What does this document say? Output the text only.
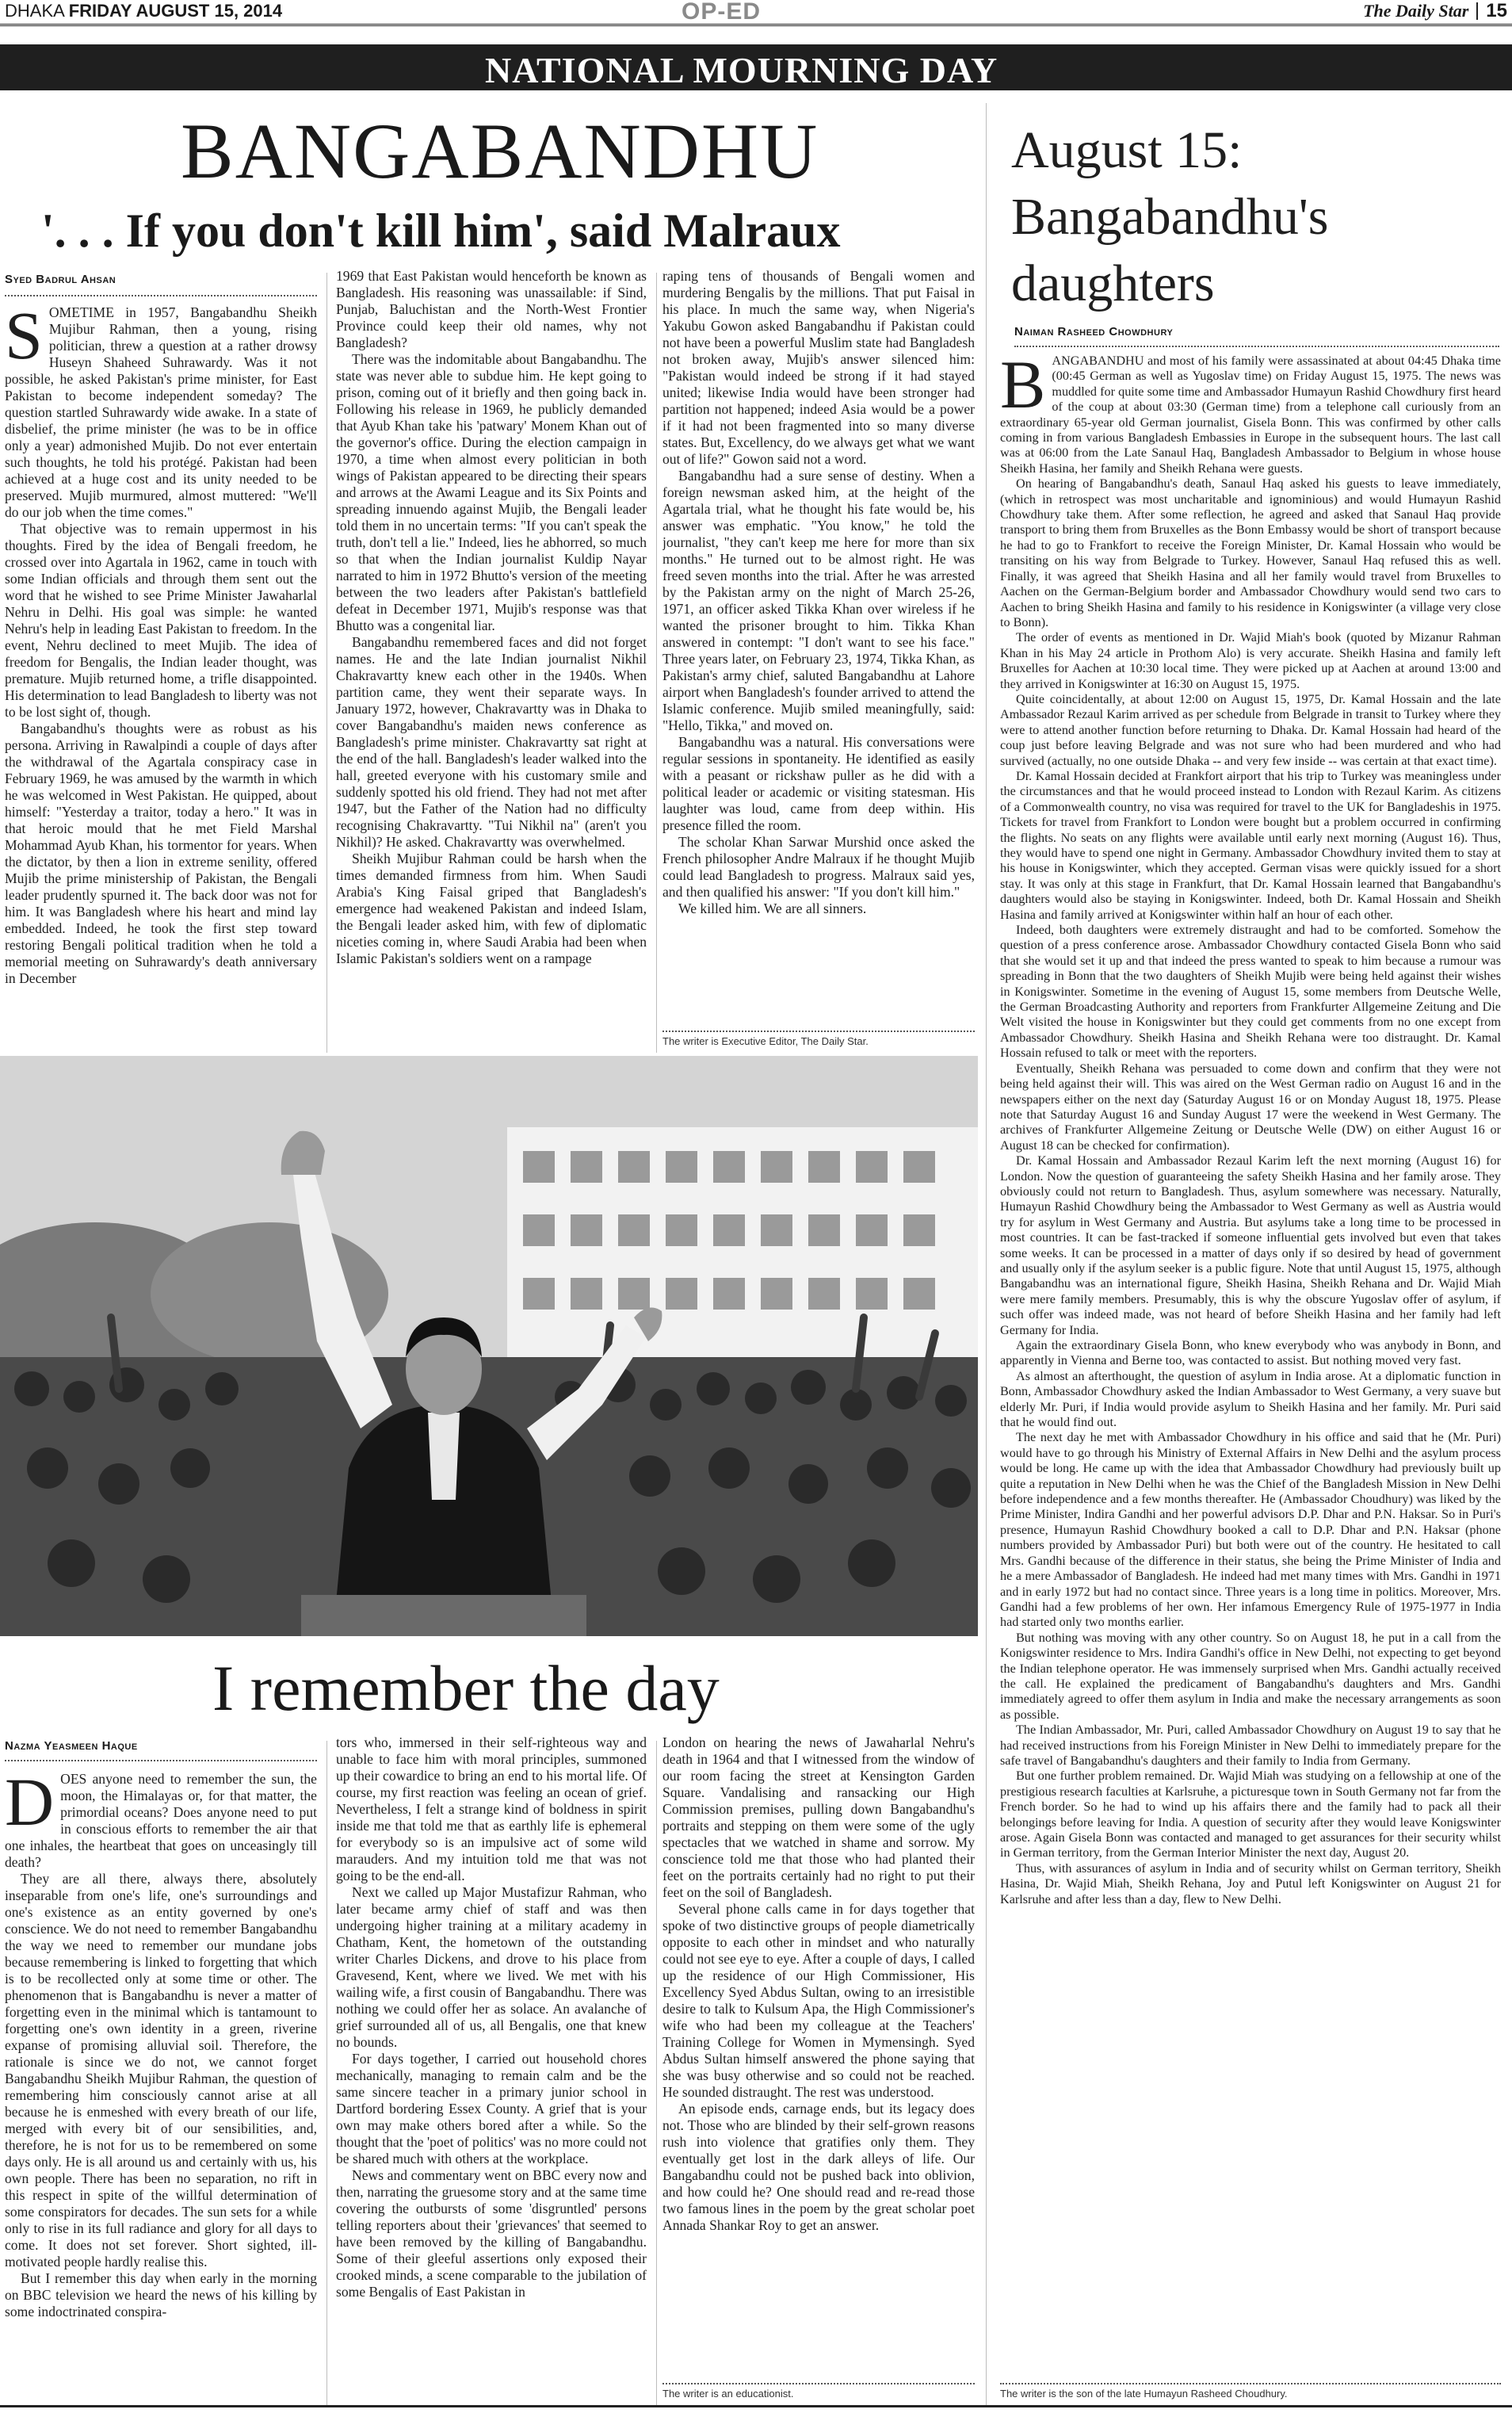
DHAKA FRIDAY AUGUST 15, 2014	OP-ED	The Daily Star 15
NATIONAL MOURNING DAY
BANGABANDHU
'. . . If you don't kill him', said Malraux
Syed Badrul Ahsan

SOMETIME in 1957, Bangabandhu Sheikh Mujibur Rahman, then a young, rising politician, threw a question at a rather drowsy Huseyn Shaheed Suhrawardy. Was it not possible, he asked Pakistan's prime minister, for East Pakistan to become independent someday? The question startled Suhrawardy wide awake. In a state of disbelief, the prime minister (he was to be in office only a year) admonished Mujib. Do not ever entertain such thoughts, he told his protégé. Pakistan had been achieved at a huge cost and its unity needed to be preserved. Mujib murmured, almost muttered: "We'll do our job when the time comes."

That objective was to remain uppermost in his thoughts. Fired by the idea of Bengali freedom, he crossed over into Agartala in 1962, came in touch with some Indian officials and through them sent out the word that he wished to see Prime Minister Jawaharlal Nehru in Delhi. His goal was simple: he wanted Nehru's help in leading East Pakistan to freedom. In the event, Nehru declined to meet Mujib. The idea of freedom for Bengalis, the Indian leader thought, was premature. Mujib returned home, a trifle disappointed. His determination to lead Bangladesh to liberty was not to be lost sight of, though.

Bangabandhu's thoughts were as robust as his persona. Arriving in Rawalpindi a couple of days after the withdrawal of the Agartala conspiracy case in February 1969, he was amused by the warmth in which he was welcomed in West Pakistan. He quipped, about himself: "Yesterday a traitor, today a hero." It was in that heroic mould that he met Field Marshal Mohammad Ayub Khan, his tormentor for years. When the dictator, by then a lion in extreme senility, offered Mujib the prime ministership of Pakistan, the Bengali leader prudently spurned it. The back door was not for him. It was Bangladesh where his heart and mind lay embedded. Indeed, he took the first step toward restoring Bengali political tradition when he told a memorial meeting on Suhrawardy's death anniversary in December

1969 that East Pakistan would henceforth be known as Bangladesh. His reasoning was unassailable: if Sind, Punjab, Baluchistan and the North-West Frontier Province could keep their old names, why not Bangladesh?

There was the indomitable about Bangabandhu. The state was never able to subdue him. He kept going to prison, coming out of it briefly and then going back in. Following his release in 1969, he publicly demanded that Ayub Khan take his 'patwary' Monem Khan out of the governor's office. During the election campaign in 1970, a time when almost every politician in both wings of Pakistan appeared to be directing their spears and arrows at the Awami League and its Six Points and spreading innuendo against Mujib, the Bengali leader told them in no uncertain terms: "If you can't speak the truth, don't tell a lie." Indeed, lies he abhorred, so much so that when the Indian journalist Kuldip Nayar narrated to him in 1972 Bhutto's version of the meeting between the two leaders after Pakistan's battlefield defeat in December 1971, Mujib's response was that Bhutto was a congenital liar.

Bangabandhu remembered faces and did not forget names. He and the late Indian journalist Nikhil Chakravartty knew each other in the 1940s. When partition came, they went their separate ways. In January 1972, however, Chakravartty was in Dhaka to cover Bangabandhu's maiden news conference as Bangladesh's prime minister. Chakravartty sat right at the end of the hall. Bangladesh's leader walked into the hall, greeted everyone with his customary smile and suddenly spotted his old friend. They had not met after 1947, but the Father of the Nation had no difficulty recognising Chakravartty. "Tui Nikhil na" (aren't you Nikhil)? He asked. Chakravartty was overwhelmed.

Sheikh Mujibur Rahman could be harsh when the times demanded firmness from him. When Saudi Arabia's King Faisal griped that Bangladesh's emergence had weakened Pakistan and indeed Islam, the Bengali leader asked him, with few of diplomatic niceties coming in, where Saudi Arabia had been when Islamic Pakistan's soldiers went on a rampage

raping tens of thousands of Bengali women and murdering Bengalis by the millions. That put Faisal in his place. In much the same way, when Nigeria's Yakubu Gowon asked Bangabandhu if Pakistan could not have been a powerful Muslim state had Bangladesh not broken away, Mujib's answer silenced him: "Pakistan would indeed be strong if it had stayed united; likewise India would have been stronger had partition not happened; indeed Asia would be a power if it had not been fragmented into so many diverse states. But, Excellency, do we always get what we want out of life?" Gowon said not a word.

Bangabandhu had a sure sense of destiny. When a foreign newsman asked him, at the height of the Agartala trial, what he thought his fate would be, his answer was emphatic. "You know," he told the journalist, "they can't keep me here for more than six months." He turned out to be almost right. He was freed seven months into the trial. After he was arrested by the Pakistan army on the night of March 25-26, 1971, an officer asked Tikka Khan over wireless if he wanted the prisoner brought to him. Tikka Khan answered in contempt: "I don't want to see his face." Three years later, on February 23, 1974, Tikka Khan, as Pakistan's army chief, saluted Bangabandhu at Lahore airport when Bangladesh's founder arrived to attend the Islamic conference. Mujib smiled meaningfully, said: "Hello, Tikka," and moved on.

Bangabandhu was a natural. His conversations were regular sessions in spontaneity. He identified as easily with a peasant or rickshaw puller as he did with a political leader or academic or visiting statesman. His laughter was loud, came from deep within. His presence filled the room.

The scholar Khan Sarwar Murshid once asked the French philosopher Andre Malraux if he thought Mujib could lead Bangladesh to progress. Malraux said yes, and then qualified his answer: "If you don't kill him."

We killed him. We are all sinners.

The writer is Executive Editor, The Daily Star.
August 15: Bangabandhu's daughters
Naiman Rasheed Chowdhury

BANGABANDHU and most of his family were assassinated at about 04:45 Dhaka time (00:45 German as well as Yugoslav time) on Friday August 15, 1975. The news was muddled for quite some time and Ambassador Humayun Rashid Chowdhury first heard of the coup at about 03:30 (German time) from a telephone call curiously from an extraordinary 65-year old German journalist, Gisela Bonn. This was confirmed by other calls coming in from various Bangladesh Embassies in Europe in the subsequent hours. The last call was at 06:00 from the Late Sanaul Haq, Bangladesh Ambassador to Belgium in whose house Sheikh Hasina, her family and Sheikh Rehana were guests.

On hearing of Bangabandhu's death, Sanaul Haq asked his guests to leave immediately, (which in retrospect was most uncharitable and ignominious) and would Humayun Rashid Chowdhury take them. After some reflection, he agreed and asked that Sanaul Haq provide transport to bring them from Bruxelles as the Bonn Embassy would be short of transport because he had to go to Frankfort to receive the Foreign Minister, Dr. Kamal Hossain who would be transiting on his way from Belgrade to Turkey. However, Sanaul Haq refused this as well. Finally, it was agreed that Sheikh Hasina and all her family would travel from Bruxelles to Aachen on the German-Belgium border and Ambassador Chowdhury would send two cars to Aachen to bring Sheikh Hasina and family to his residence in Konigswinter (a village very close to Bonn).

The order of events as mentioned in Dr. Wajid Miah's book (quoted by Mizanur Rahman Khan in his May 24 article in Prothom Alo) is very accurate. Sheikh Hasina and family left Bruxelles for Aachen at 10:30 local time. They were picked up at Aachen at around 13:00 and they arrived in Konigswinter at 16:30 on August 15, 1975.

Quite coincidentally, at about 12:00 on August 15, 1975, Dr. Kamal Hossain and the late Ambassador Rezaul Karim arrived as per schedule from Belgrade in transit to Turkey where they were to attend another function before returning to Dhaka. Dr. Kamal Hossain had heard of the coup just before leaving Belgrade and was not sure who had been murdered and who had survived (actually, no one outside Dhaka -- and very few inside -- was certain at that exact time).

Dr. Kamal Hossain decided at Frankfort airport that his trip to Turkey was meaningless under the circumstances and that he would proceed instead to London with Rezaul Karim. As citizens of a Commonwealth country, no visa was required for travel to the UK for Bangladeshis in 1975. Tickets for travel from Frankfort to London were bought but a problem occurred in confirming the flights. No seats on any flights were available until early next morning (August 16). Thus, they would have to spend one night in Germany. Ambassador Chowdhury invited them to stay at his house in Konigswinter, which they accepted. German visas were quickly issued for a short stay. It was only at this stage in Frankfurt, that Dr. Kamal Hossain learned that Bangabandhu's daughters would also be staying in Konigswinter. Indeed, both Dr. Kamal Hossain and Sheikh Hasina and family arrived at Konigswinter within half an hour of each other.

Indeed, both daughters were extremely distraught and had to be comforted. Somehow the question of a press conference arose. Ambassador Chowdhury contacted Gisela Bonn who said that she would set it up and that indeed the press wanted to speak to him because a rumour was spreading in Bonn that the two daughters of Sheikh Mujib were being held against their wishes in Konigswinter. Sometime in the evening of August 15, some members from Deutsche Welle, the German Broadcasting Authority and reporters from Frankfurter Allgemeine Zeitung and Die Welt visited the house in Konigswinter but they could get comments from no one except from Ambassador Chowdhury. Sheikh Hasina and Sheikh Rehana were too distraught. Dr. Kamal Hossain refused to talk or meet with the reporters.

Eventually, Sheikh Rehana was persuaded to come down and confirm that they were not being held against their will. This was aired on the West German radio on August 16 and in the newspapers either on the next day (Saturday August 16 or on Monday August 18, 1975. Please note that Saturday August 16 and Sunday August 17 were the weekend in West Germany. The archives of Frankfurter Allgemeine Zeitung or Deutsche Welle (DW) on either August 16 or August 18 can be checked for confirmation).

Dr. Kamal Hossain and Ambassador Rezaul Karim left the next morning (August 16) for London. Now the question of guaranteeing the safety Sheikh Hasina and her family arose. They obviously could not return to Bangladesh. Thus, asylum somewhere was necessary. Naturally, Humayun Rashid Chowdhury being the Ambassador to West Germany as well as Austria would try for asylum in West Germany and Austria. But asylums take a long time to be processed in most countries. It can be fast-tracked if someone influential gets involved but even that takes some weeks. It can be processed in a matter of days only if so desired by head of government and usually only if the asylum seeker is a public figure. Note that until August 15, 1975, although Bangabandhu was an international figure, Sheikh Hasina, Sheikh Rehana and Dr. Wajid Miah were mere family members. Presumably, this is why the obscure Yugoslav offer of asylum, if such offer was indeed made, was not heard of before Sheikh Hasina and her family had left Germany for India.

Again the extraordinary Gisela Bonn, who knew everybody who was anybody in Bonn, and apparently in Vienna and Berne too, was contacted to assist. But nothing moved very fast.

As almost an afterthought, the question of asylum in India arose. At a diplomatic function in Bonn, Ambassador Chowdhury asked the Indian Ambassador to West Germany, a very suave but elderly Mr. Puri, if India would provide asylum to Sheikh Hasina and her family. Mr. Puri said that he would find out.

The next day he met with Ambassador Chowdhury in his office and said that he (Mr. Puri) would have to go through his Ministry of External Affairs in New Delhi and the asylum process would be long. He came up with the idea that Ambassador Chowdhury had previously built up quite a reputation in New Delhi when he was the Chief of the Bangladesh Mission in New Delhi before independence and a few months thereafter. He (Ambassador Choudhury) was liked by the Prime Minister, Indira Gandhi and her powerful advisors D.P. Dhar and P.N. Haksar. So in Puri's presence, Humayun Rashid Chowdhury booked a call to D.P. Dhar and P.N. Haksar (phone numbers provided by Ambassador Puri) but both were out of the country. He hesitated to call Mrs. Gandhi because of the difference in their status, she being the Prime Minister of India and he a mere Ambassador of Bangladesh. He indeed had met many times with Mrs. Gandhi in 1971 and in early 1972 but had no contact since. Three years is a long time in politics. Moreover, Mrs. Gandhi had a few problems of her own. Her infamous Emergency Rule of 1975-1977 in India had started only two months earlier.

But nothing was moving with any other country. So on August 18, he put in a call from the Konigswinter residence to Mrs. Indira Gandhi's office in New Delhi, not expecting to get beyond the Indian telephone operator. He was immensely surprised when Mrs. Gandhi actually received the call. He explained the predicament of Bangabandhu's daughters and Mrs. Gandhi immediately agreed to offer them asylum in India and make the necessary arrangements as soon as possible.

The Indian Ambassador, Mr. Puri, called Ambassador Chowdhury on August 19 to say that he had received instructions from his Foreign Minister in New Delhi to immediately prepare for the safe travel of Bangabandhu's daughters and their family to India from Germany.

But one further problem remained. Dr. Wajid Miah was studying on a fellowship at one of the prestigious research faculties at Karlsruhe, a picturesque town in South Germany not far from the French border. So he had to wind up his affairs there and the family had to pack all their belongings before leaving for India. A question of security after they would leave Konigswinter arose. Again Gisela Bonn was contacted and managed to get assurances for their security whilst in German territory, from the German Interior Minister the next day, August 20.

Thus, with assurances of asylum in India and of security whilst on German territory, Sheikh Hasina, Dr. Wajid Miah, Sheikh Rehana, Joy and Putul left Konigswinter on August 21 for Karlsruhe and after less than a day, flew to New Delhi.

The writer is the son of the late Humayun Rasheed Choudhury.
I remember the day
Nazma Yeasmeen Haque

DOES anyone need to remember the sun, the moon, the Himalayas or, for that matter, the primordial oceans? Does anyone need to put in conscious efforts to remember the air that one inhales, the heartbeat that goes on unceasingly till death?

They are all there, always there, absolutely inseparable from one's life, one's surroundings and one's existence as an entity governed by one's conscience. We do not need to remember Bangabandhu the way we need to remember our mundane jobs because remembering is linked to forgetting that which is to be recollected only at some time or other. The phenomenon that is Bangabandhu is never a matter of forgetting even in the minimal which is tantamount to forgetting one's own identity in a green, riverine expanse of promising alluvial soil. Therefore, the rationale is since we do not, we cannot forget Bangabandhu Sheikh Mujibur Rahman, the question of remembering him consciously cannot arise at all because he is enmeshed with every breath of our life, merged with every bit of our sensibilities, and, therefore, he is not for us to be remembered on some days only. He is all around us and certainly with us, his own people. There has been no separation, no rift in this respect in spite of the willful determination of some conspirators for decades. The sun sets for a while only to rise in its full radiance and glory for all days to come. It does not set forever. Short sighted, ill-motivated people hardly realise this.

But I remember this day when early in the morning on BBC television we heard the news of his killing by some indoctrinated conspira-

tors who, immersed in their self-righteous way and unable to face him with moral principles, summoned up their cowardice to bring an end to his mortal life. Of course, my first reaction was feeling an ocean of grief. Nevertheless, I felt a strange kind of boldness in spirit inside me that told me that as earthly life is ephemeral for everybody so is an impulsive act of some wild marauders. And my intuition told me that was not going to be the end-all.

Next we called up Major Mustafizur Rahman, who later became army chief of staff and was then undergoing higher training at a military academy in Chatham, Kent, the hometown of the outstanding writer Charles Dickens, and drove to his place from Gravesend, Kent, where we lived. We met with his wailing wife, a first cousin of Bangabandhu. There was nothing we could offer her as solace. An avalanche of grief surrounded all of us, all Bengalis, one that knew no bounds.

For days together, I carried out household chores mechanically, managing to remain calm and be the same sincere teacher in a primary junior school in Dartford bordering Essex County. A grief that is your own may make others bored after a while. So the thought that the 'poet of politics' was no more could not be shared much with others at the workplace.

News and commentary went on BBC every now and then, narrating the gruesome story and at the same time covering the outbursts of some 'disgruntled' persons telling reporters about their 'grievances' that seemed to have been removed by the killing of Bangabandhu. Some of their gleeful assertions only exposed their crooked minds, a scene comparable to the jubilation of some Bengalis of East Pakistan in

London on hearing the news of Jawaharlal Nehru's death in 1964 and that I witnessed from the window of our room facing the street at Kensington Garden Square. Vandalising and ransacking our High Commission premises, pulling down Bangabandhu's portraits and stepping on them were some of the ugly spectacles that we watched in shame and sorrow. My conscience told me that those who had planted their feet on the portraits certainly had no right to put their feet on the soil of Bangladesh.

Several phone calls came in for days together that spoke of two distinctive groups of people diametrically opposite to each other in mindset and who naturally could not see eye to eye. After a couple of days, I called up the residence of our High Commissioner, His Excellency Syed Abdus Sultan, owing to an irresistible desire to talk to Kulsum Apa, the High Commissioner's wife who had been my colleague at the Teachers' Training College for Women in Mymensingh. Syed Abdus Sultan himself answered the phone saying that she was busy otherwise and so could not be reached. He sounded distraught. The rest was understood.

An episode ends, carnage ends, but its legacy does not. Those who are blinded by their self-grown reasons rush into violence that gratifies only them. They eventually get lost in the dark alleys of life. Our Bangabandhu could not be pushed back into oblivion, and how could he? One should read and re-read those two famous lines in the poem by the great scholar poet Annada Shankar Roy to get an answer.

The writer is an educationist.
